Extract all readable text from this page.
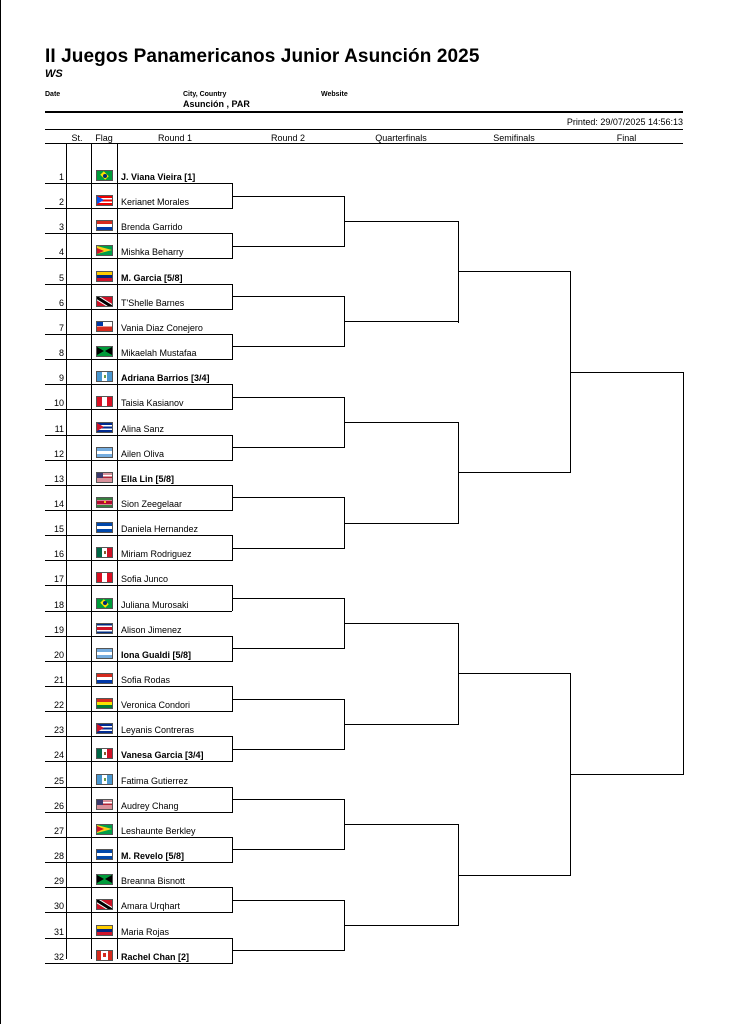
II Juegos Panamericanos Junior Asunción 2025
WS
Date	City, Country
Asunción , PAR
Website
Printed: 29/07/2025 14:56:13
St.	Flag	Round 1	Round 2	Quarterfinals	Semifinals	Final
1	J. Viana Vieira [1]
2	Kerianet Morales
3	Brenda Garrido
4	Mishka Beharry
5	M. Garcia [5/8]
6	T'Shelle Barnes
7	Vania Diaz Conejero
8	Mikaelah Mustafaa
9	Adriana Barrios [3/4]
10	Taisia Kasianov
11	Alina Sanz
12	Ailen Oliva
13	Ella Lin [5/8]
14	Sion Zeegelaar
15	Daniela Hernandez
16	Miriam Rodriguez
17	Sofia Junco
18	Juliana Murosaki
19	Alison Jimenez
20	Iona Gualdi [5/8]
21	Sofia Rodas
22	Veronica Condori
23	Leyanis Contreras
24	Vanesa Garcia [3/4]
25	Fatima Gutierrez
26	Audrey Chang
27	Leshaunte Berkley
28	M. Revelo [5/8]
29	Breanna Bisnott
30	Amara Urqhart
31	Maria Rojas
32	Rachel Chan [2]
